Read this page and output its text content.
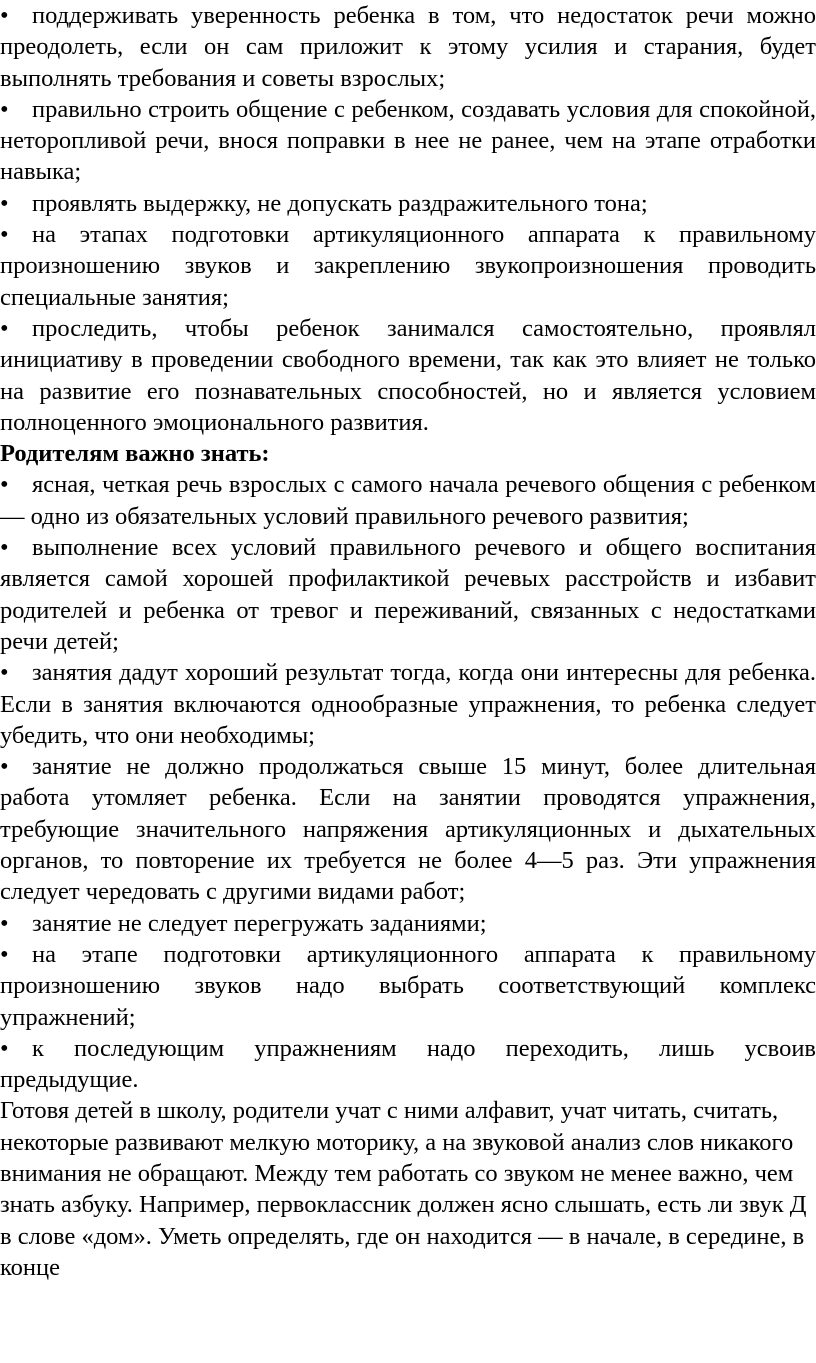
• поддерживать уверенность ребенка в том, что недостаток речи можно преодолеть, если он сам приложит к этому усилия и старания, будет выполнять требования и советы взрослых;

• правильно строить общение с ребенком, создавать условия для спокойной, неторопливой речи, внося поправки в нее не ранее, чем на этапе отработки навыка;

• проявлять выдержку, не допускать раздражительного тона;

• на этапах подготовки артикуляционного аппарата к правильному произношению звуков и закреплению звукопроизношения проводить специальные занятия;

• проследить, чтобы ребенок занимался самостоятельно, проявлял инициативу в проведении свободного времени, так как это влияет не только на развитие его познавательных способностей, но и является условием полноценного эмоционального развития.

Родителям важно знать:

• ясная, четкая речь взрослых с самого начала речевого общения с ребенком — одно из обязательных условий правильного речевого развития;

• выполнение всех условий правильного речевого и общего воспитания является самой хорошей профилактикой речевых расстройств и избавит родителей и ребенка от тревог и переживаний, связанных с недостатками речи детей;

• занятия дадут хороший результат тогда, когда они интересны для ребенка. Если в занятия включаются однообразные упражнения, то ребенка следует убедить, что они необходимы;

• занятие не должно продолжаться свыше 15 минут, более длительная работа утомляет ребенка. Если на занятии проводятся упражнения, требующие значительного напряжения артикуляционных и дыхательных органов, то повторение их требуется не более 4—5 раз. Эти упражнения следует чередовать с другими видами работ;

• занятие не следует перегружать заданиями;

• на этапе подготовки артикуляционного аппарата к правильному произношению звуков надо выбрать соответствующий комплекс упражнений;

• к последующим упражнениям надо переходить, лишь усвоив предыдущие.

Готовя детей в школу, родители учат с ними алфавит, учат читать, считать, некоторые развивают мелкую моторику, а на звуковой анализ слов никакого внимания не обращают. Между тем работать со звуком не менее важно, чем знать азбуку. Например, первоклассник должен ясно слышать, есть ли звук Д в слове «дом». Уметь определять, где он находится — в начале, в середине, в конце
